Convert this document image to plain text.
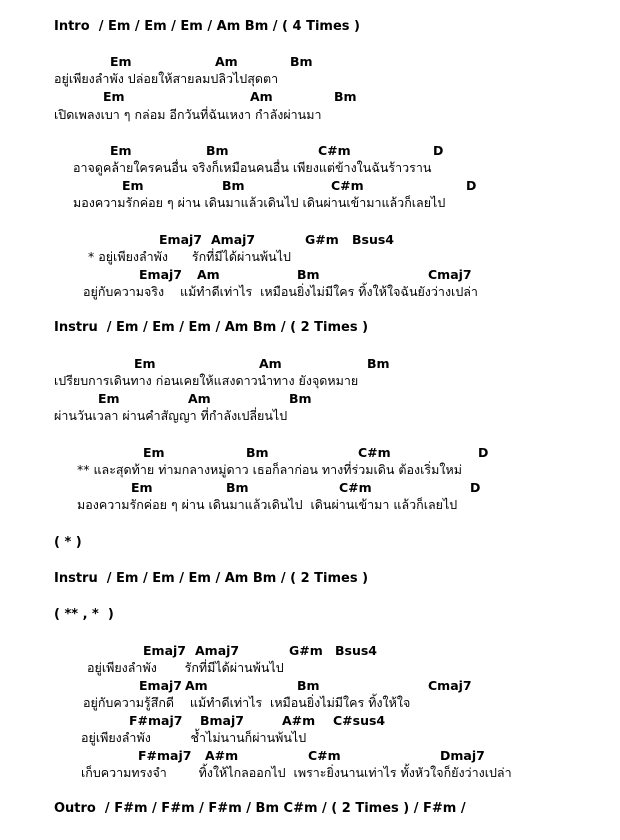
Intro  / Em / Em / Em / Am Bm / ( 4 Times )
Em	Am	Bm
อยู่เพียงลำพัง ปล่อยให้สายลมปลิวไปสุดตา
Em	Am	Bm
เปิดเพลงเบา ๆ กล่อม อีกวันที่ฉันเหงา กำลังผ่านมา
Em	Bm	C#m	D
อาจดูคล้ายใครคนอื่น จริงก็เหมือนคนอื่น เพียงแต่ข้างในฉันร้าวราน
Em	Bm	C#m	D
มองความรักค่อย ๆ ผ่าน เดินมาแล้วเดินไป เดินผ่านเข้ามาแล้วก็เลยไป
Emaj7 Amaj7	G#m Bsus4
* อยู่เพียงลำพัง      รักที่มีได้ผ่านพ้นไป
Emaj7 Am	Bm	Cmaj7
อยู่กับความจริง    แม้ทำดีเท่าไร  เหมือนยิ่งไม่มีใคร ทิ้งให้ใจฉันยังว่างเปล่า
Instru  / Em / Em / Em / Am Bm / ( 2 Times )
Em	Am	Bm
เปรียบการเดินทาง ก่อนเคยให้แสงดาวนำทาง ยังจุดหมาย
Em	Am	Bm
ผ่านวันเวลา ผ่านคำสัญญา ที่กำลังเปลี่ยนไป
Em	Bm	C#m	D
** และสุดท้าย ท่ามกลางหมู่ดาว เธอก็ลาก่อน ทางที่ร่วมเดิน ต้องเริ่มใหม่
Em	Bm	C#m	D
มองความรักค่อย ๆ ผ่าน เดินมาแล้วเดินไป  เดินผ่านเข้ามา แล้วก็เลยไป
( * )
Instru  / Em / Em / Em / Am Bm / ( 2 Times )
( ** , *  )
Emaj7 Amaj7	G#m Bsus4
อยู่เพียงลำพัง       รักที่มีได้ผ่านพ้นไป
Emaj7 Am	Bm	Cmaj7
อยู่กับความรู้สึกดี    แม้ทำดีเท่าไร  เหมือนยิ่งไม่มีใคร ทิ้งให้ใจ
F#maj7 Bmaj7	A#m C#sus4
อยู่เพียงลำพัง          ช้ำไม่นานก็ผ่านพ้นไป
F#maj7 A#m	C#m	Dmaj7
เก็บความทรงจำ        ทิ้งให้ไกลออกไป  เพราะยิ่งนานเท่าไร ทั้งหัวใจก็ยังว่างเปล่า
Outro  / F#m / F#m / F#m / Bm C#m / ( 2 Times ) / F#m /
